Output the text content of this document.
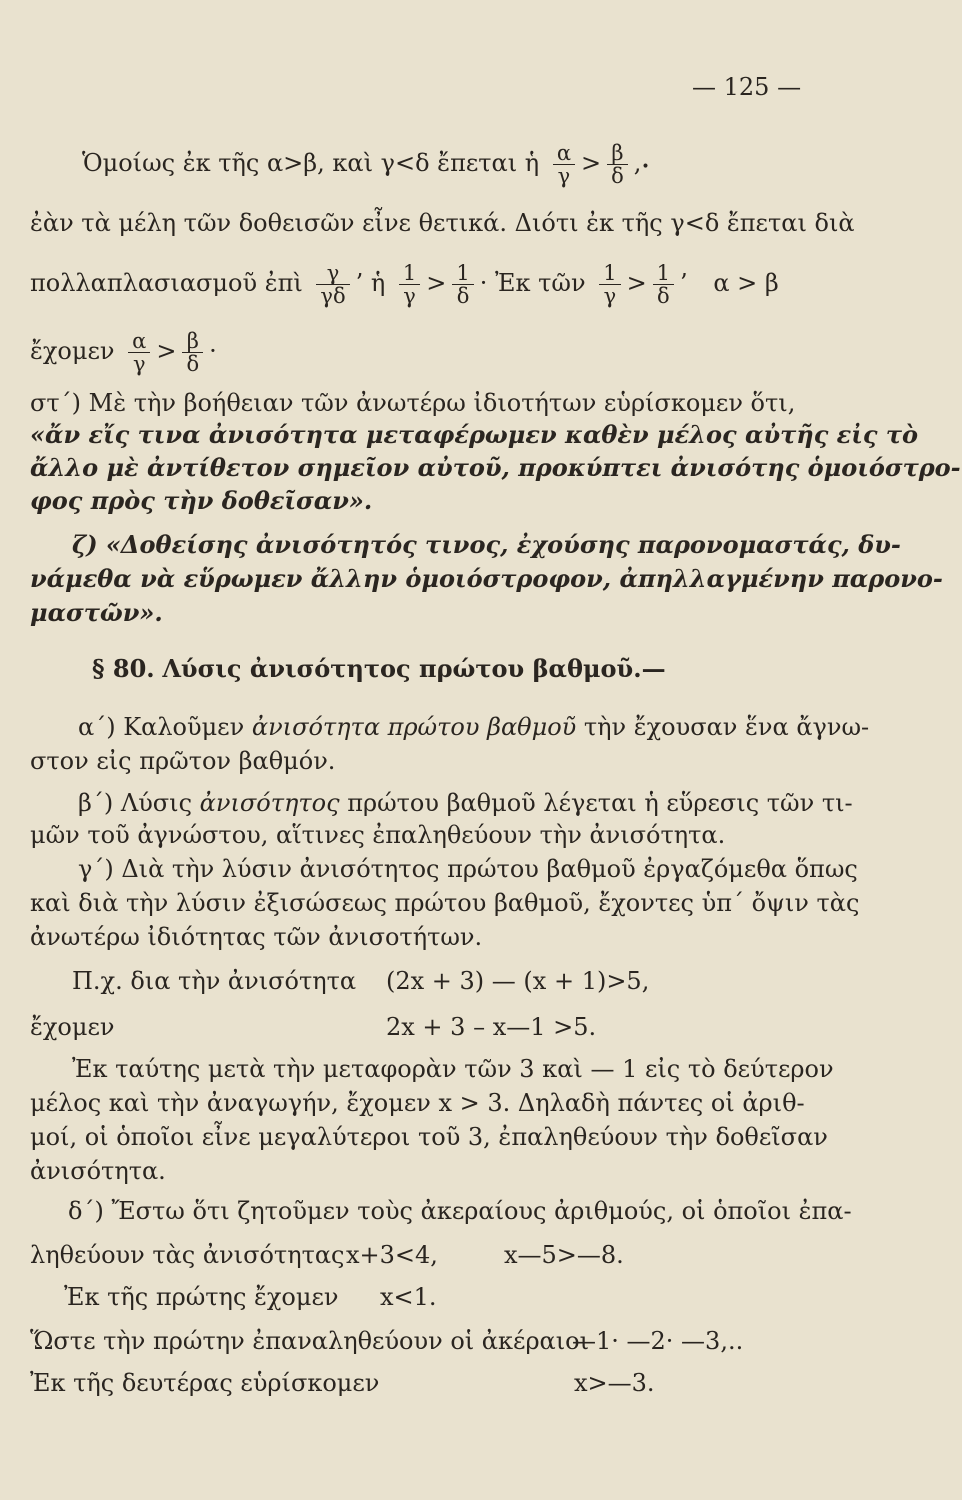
— 125 —
Ὁμοίως ἐκ τῆς α>β, καὶ γ<δ ἔπεται ἡ $\frac{\alpha}{\gamma} > \frac{\beta}{\delta}$ ,•
ἐὰν τὰ μέλη τῶν δοθεισῶν εἶνε θετικά. Διότι ἐκ τῆς γ<δ ἔπεται διὰ
πολλαπλασιασμοῦ ἐπὶ $\frac{\gamma}{\gamma\delta}$ ’ ἡ $\frac{1}{\gamma} > \frac{1}{\delta}$ · Ἐκ τῶν $\frac{1}{\gamma} > \frac{1}{\delta}$ ’ α > β
ἔχομεν $\frac{\alpha}{\gamma} > \frac{\beta}{\delta}$ ·
στ΄) Μὲ τὴν βοήθειαν τῶν ἀνωτέρω ἰδιοτήτων εὑρίσκομεν ὅτι,
«ἄν εἴς τινα ἀνισότητα μεταφέρωμεν καθὲν μέλος αὐτῆς εἰς τὸ
ἄλλο μὲ ἀντίθετον σημεῖον αὐτοῦ, προκύπτει ἀνισότης ὁμοιόστρο-
φος πρὸς τὴν δοθεῖσαν».
ζ) «Δοθείσης ἀνισότητός τινος, ἐχούσης παρονομαστάς, δυ-
νάμεθα νὰ εὕρωμεν ἄλλην ὁμοιόστροφον, ἀπηλλαγμένην παρονο-
μαστῶν».
§ 80. Λύσις ἀνισότητος πρώτου βαθμοῦ.—
α΄) Καλοῦμεν ἀνισότητα πρώτου βαθμοῦ τὴν ἔχουσαν ἕνα ἄγνω-
στον εἰς πρῶτον βαθμόν.
β΄) Λύσις ἀνισότητος πρώτου βαθμοῦ λέγεται ἡ εὕρεσις τῶν τι-
μῶν τοῦ ἀγνώστου, αἵτινες ἐπαληθεύουν τὴν ἀνισότητα.
γ΄) Διὰ τὴν λύσιν ἀνισότητος πρώτου βαθμοῦ ἐργαζόμεθα ὅπως
καὶ διὰ τὴν λύσιν ἐξισώσεως πρώτου βαθμοῦ, ἔχοντες ὑπ΄ ὄψιν τὰς
ἀνωτέρω ἰδιότητας τῶν ἀνισοτήτων.
Π.χ. δια τὴν ἀνισότητα (2x + 3) — (x + 1)>5,
ἔχομεν	2x + 3 – x—1 >5.
Ἐκ ταύτης μετὰ τὴν μεταφορὰν τῶν 3 καὶ — 1 εἰς τὸ δεύτερον
μέλος καὶ τὴν ἀναγωγήν, ἔχομεν x > 3. Δηλαδὴ πάντες οἱ ἀριθ-
μοί, οἱ ὁποῖοι εἶνε μεγαλύτεροι τοῦ 3, ἐπαληθεύουν τὴν δοθεῖσαν
ἀνισότητα.
δ΄) Ἔστω ὅτι ζητοῦμεν τοὺς ἀκεραίους ἀριθμούς, οἱ ὁποῖοι ἐπα-
ληθεύουν τὰς ἀνισότητας x+3<4,	x—5>—8.
Ἐκ τῆς πρώτης ἔχομεν x<1.
Ὥστε τὴν πρώτην ἐπαναληθεύουν οἱ ἀκέραιοι
—1· —2· —3,..
Ἐκ τῆς δευτέρας εὑρίσκομεν	x>—3.
